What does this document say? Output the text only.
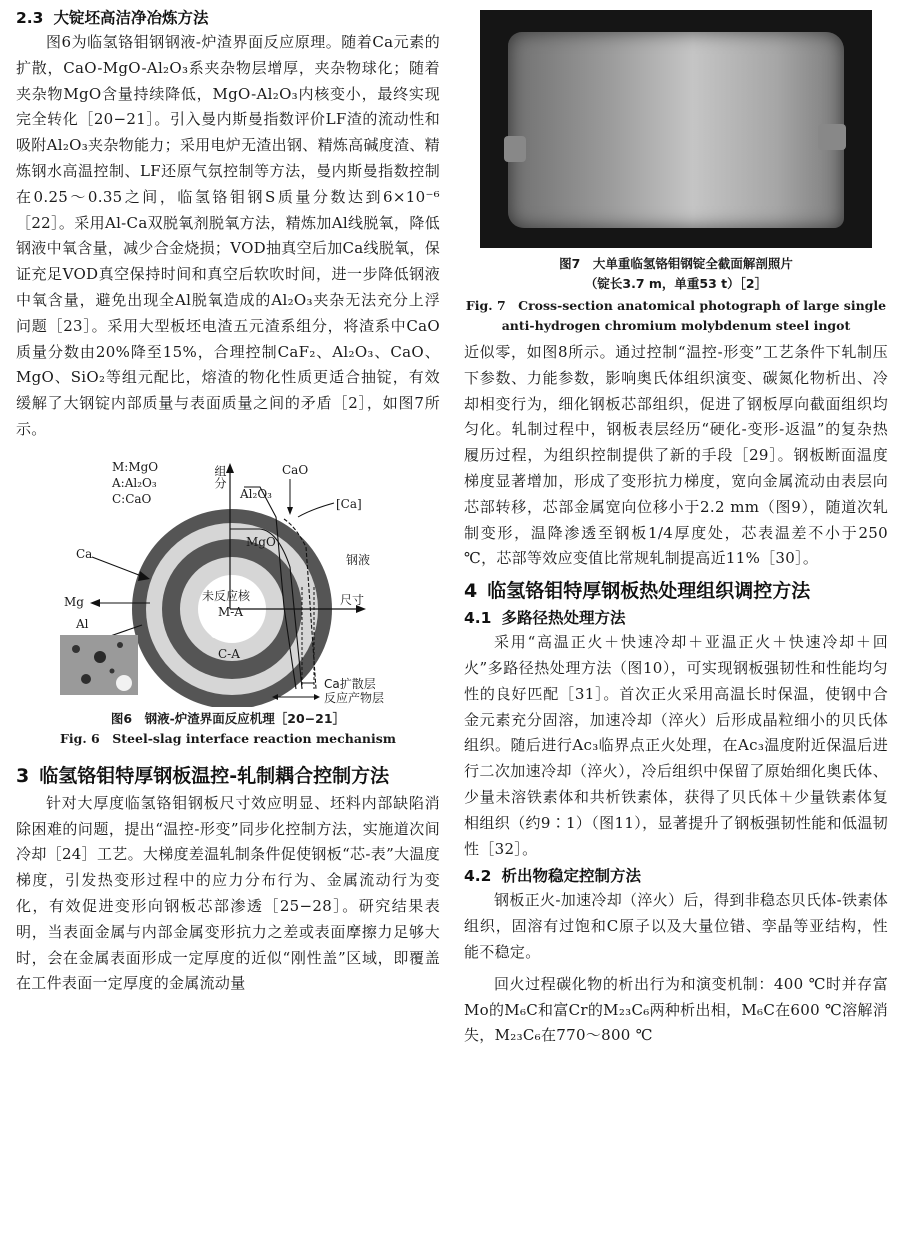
2.3 大锭坯高洁净冶炼方法

图6为临氢铬钼钢钢液-炉渣界面反应原理。随着Ca元素的扩散，CaO-MgO-Al₂O₃系夹杂物层增厚，夹杂物球化；随着夹杂物MgO含量持续降低，MgO-Al₂O₃内核变小，最终实现完全转化［20−21］。引入曼内斯曼指数评价LF渣的流动性和吸附Al₂O₃夹杂物能力；采用电炉无渣出钢、精炼高碱度渣、精炼钢水高温控制、LF还原气氛控制等方法，曼内斯曼指数控制在0.25～0.35之间，临氢铬钼钢S质量分数达到6×10⁻⁶［22］。采用Al-Ca双脱氧剂脱氧方法，精炼加Al线脱氧，降低钢液中氧含量，减少合金烧损；VOD抽真空后加Ca线脱氧，保证充足VOD真空保持时间和真空后软吹时间，进一步降低钢液中氧含量，避免出现全Al脱氧造成的Al₂O₃夹杂无法充分上浮问题［23］。采用大型板坯电渣五元渣系组分，将渣系中CaO质量分数由20%降至15%，合理控制CaF₂、Al₂O₃、CaO、MgO、SiO₂等组元配比，熔渣的物化性质更适合抽锭，有效缓解了大钢锭内部质量与表面质量之间的矛盾［2］，如图7所示。

M:MgO
A:Al₂O₃
C:CaO
组分
Al₂O₃
CaO
MgO
[Ca]
钢液
尺寸
Ca
Mg
Al
未反应核
M-A
C-M-A
C-A
Ca扩散层
反应产物层

图6　钢液-炉渣界面反应机理［20−21］

Fig. 6　Steel-slag interface reaction mechanism

3 临氢铬钼特厚钢板温控-轧制耦合控制方法

针对大厚度临氢铬钼钢板尺寸效应明显、坯料内部缺陷消除困难的问题，提出“温控-形变”同步化控制方法，实施道次间冷却［24］工艺。大梯度差温轧制条件促使钢板“芯-表”大温度梯度，引发热变形过程中的应力分布行为、金属流动行为变化，有效促进变形向钢板芯部渗透［25−28］。研究结果表明，当表面金属与内部金属变形抗力之差或表面摩擦力足够大时，会在金属表面形成一定厚度的近似“刚性盖”区域，即覆盖在工件表面一定厚度的金属流动量

图7　大单重临氢铬钼钢锭全截面解剖照片

（锭长3.7 m，单重53 t）［2］

Fig. 7　Cross-section anatomical photograph of large single

anti-hydrogen chromium molybdenum steel ingot

近似零，如图8所示。通过控制“温控-形变”工艺条件下轧制压下参数、力能参数，影响奥氏体组织演变、碳氮化物析出、冷却相变行为，细化钢板芯部组织，促进了钢板厚向截面组织均匀化。轧制过程中，钢板表层经历“硬化-变形-返温”的复杂热履历过程，为组织控制提供了新的手段［29］。钢板断面温度梯度显著增加，形成了变形抗力梯度，宽向金属流动由表层向芯部转移，芯部金属宽向位移小于2.2 mm（图9），随道次轧制变形，温降渗透至钢板1/4厚度处，芯表温差不小于250 ℃，芯部等效应变值比常规轧制提高近11%［30］。

4 临氢铬钼特厚钢板热处理组织调控方法
4.1 多路径热处理方法

采用“高温正火＋快速冷却＋亚温正火＋快速冷却＋回火”多路径热处理方法（图10），可实现钢板强韧性和性能均匀性的良好匹配［31］。首次正火采用高温长时保温，使钢中合金元素充分固溶，加速冷却（淬火）后形成晶粒细小的贝氏体组织。随后进行Ac₃临界点正火处理，在Ac₃温度附近保温后进行二次加速冷却（淬火），冷后组织中保留了原始细化奥氏体、少量未溶铁素体和共析铁素体，获得了贝氏体＋少量铁素体复相组织（约9∶1）（图11），显著提升了钢板强韧性能和低温韧性［32］。

4.2 析出物稳定控制方法

钢板正火-加速冷却（淬火）后，得到非稳态贝氏体-铁素体组织，固溶有过饱和C原子以及大量位错、孪晶等亚结构，性能不稳定。

回火过程碳化物的析出行为和演变机制：400 ℃时并存富Mo的M₆C和富Cr的M₂₃C₆两种析出相，M₆C在600 ℃溶解消失，M₂₃C₆在770～800 ℃
